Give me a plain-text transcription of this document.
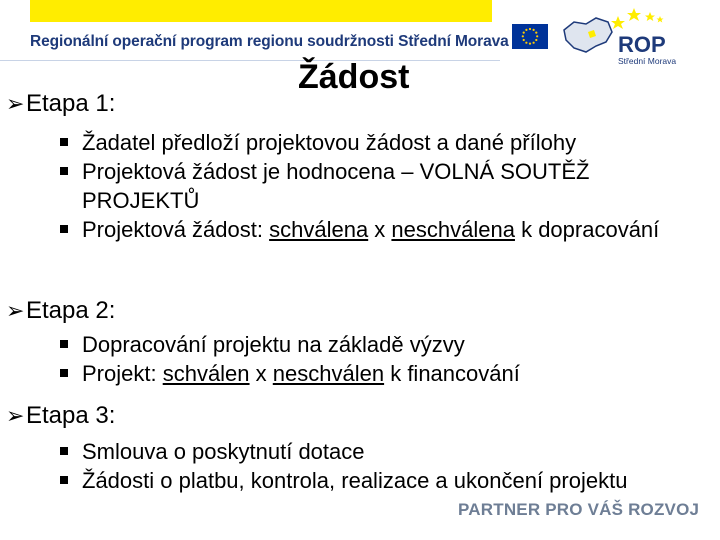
Regionální operační program regionu soudržnosti Střední Morava	ROP
Střední Morava
Žádost
➢ Etapa 1:
Žadatel předloží projektovou žádost a dané přílohy
Projektová žádost je hodnocena – VOLNÁ SOUTĚŽ PROJEKTŮ
Projektová žádost: schválena x neschválena k dopracování
➢ Etapa 2:
Dopracování projektu na základě výzvy
Projekt: schválen x neschválen k financování
➢ Etapa 3:
Smlouva o poskytnutí dotace
Žádosti o platbu, kontrola, realizace a ukončení projektu
PARTNER PRO VÁŠ ROZVOJ
